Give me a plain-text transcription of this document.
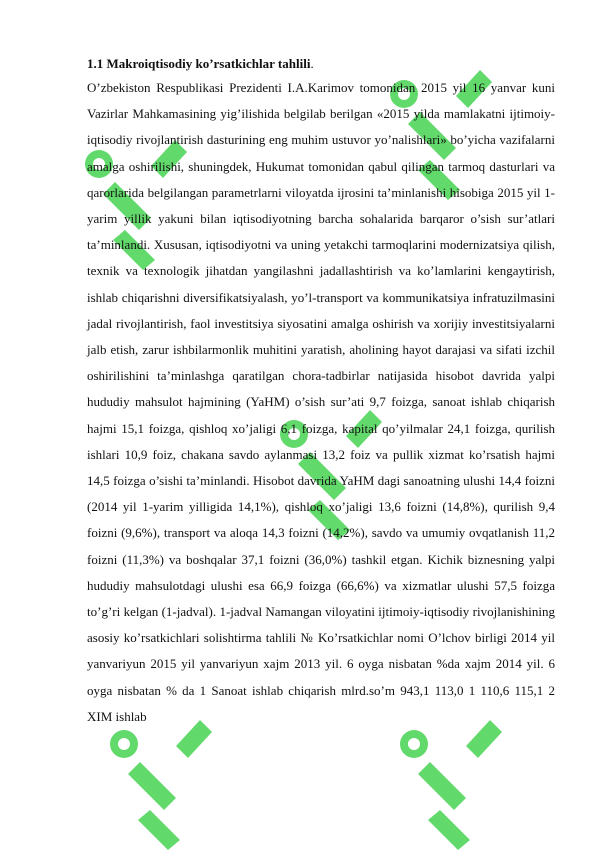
1.1 Makroiqtisodiy ko’rsatkichlar tahlili.

O’zbekiston Respublikasi Prezidenti I.A.Karimov tomonidan 2015 yil 16 yanvar kuni Vazirlar Mahkamasining yig’ilishida belgilab berilgan «2015 yilda mamlakatni ijtimoiy-iqtisodiy rivojlantirish dasturining eng muhim ustuvor yo’nalishlari» bo’yicha vazifalarni amalga oshirilishi, shuningdek, Hukumat tomonidan qabul qilingan tarmoq dasturlari va qarorlarida belgilangan parametrlarni viloyatda ijrosini ta’minlanishi hisobiga 2015 yil 1-yarim yillik yakuni bilan iqtisodiyotning barcha sohalarida barqaror o’sish sur’atlari ta’minlandi. Xususan, iqtisodiyotni va uning yetakchi tarmoqlarini modernizatsiya qilish, texnik va texnologik jihatdan yangilashni jadallashtirish va ko’lamlarini kengaytirish, ishlab chiqarishni diversifikatsiyalash, yo’l-transport va kommunikatsiya infratuzilmasini jadal rivojlantirish, faol investitsiya siyosatini amalga oshirish va xorijiy investitsiyalarni jalb etish, zarur ishbilarmonlik muhitini yaratish, aholining hayot darajasi va sifati izchil oshirilishini ta’minlashga qaratilgan chora-tadbirlar natijasida hisobot davrida yalpi hududiy mahsulot hajmining (YaHM) o’sish sur’ati 9,7 foizga, sanoat ishlab chiqarish hajmi 15,1 foizga, qishloq xo’jaligi 6,1 foizga, kapital qo’yilmalar 24,1 foizga, qurilish ishlari 10,9 foiz, chakana savdo aylanmasi 13,2 foiz va pullik xizmat ko’rsatish hajmi 14,5 foizga o’sishi ta’minlandi. Hisobot davrida YaHM dagi sanoatning ulushi 14,4 foizni (2014 yil 1-yarim yilligida 14,1%), qishloq xo’jaligi 13,6 foizni (14,8%), qurilish 9,4 foizni (9,6%), transport va aloqa 14,3 foizni (14,2%), savdo va umumiy ovqatlanish 11,2 foizni (11,3%) va boshqalar 37,1 foizni (36,0%) tashkil etgan. Kichik biznesning yalpi hududiy mahsulotdagi ulushi esa 66,9 foizga (66,6%) va xizmatlar ulushi 57,5 foizga to’g’ri kelgan (1-jadval). 1-jadval Namangan viloyatini ijtimoiy-iqtisodiy rivojlanishining asosiy ko’rsatkichlari solishtirma tahlili № Ko’rsatkichlar nomi O’lchov birligi 2014 yil yanvariyun 2015 yil yanvariyun xajm 2013 yil. 6 oyga nisbatan %da xajm 2014 yil. 6 oyga nisbatan % da 1 Sanoat ishlab chiqarish mlrd.so’m 943,1 113,0 1 110,6 115,1 2 XIM ishlab
